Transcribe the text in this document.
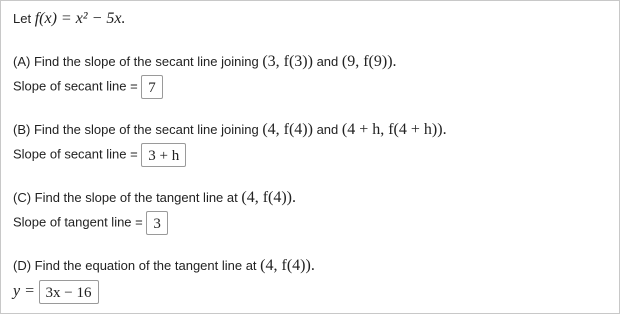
Let f(x) = x² − 5x.
(A) Find the slope of the secant line joining (3, f(3)) and (9, f(9)).
Slope of secant line = 7
(B) Find the slope of the secant line joining (4, f(4)) and (4 + h, f(4 + h)).
Slope of secant line = 3 + h
(C) Find the slope of the tangent line at (4, f(4)).
Slope of tangent line = 3
(D) Find the equation of the tangent line at (4, f(4)).
y = 3x − 16
